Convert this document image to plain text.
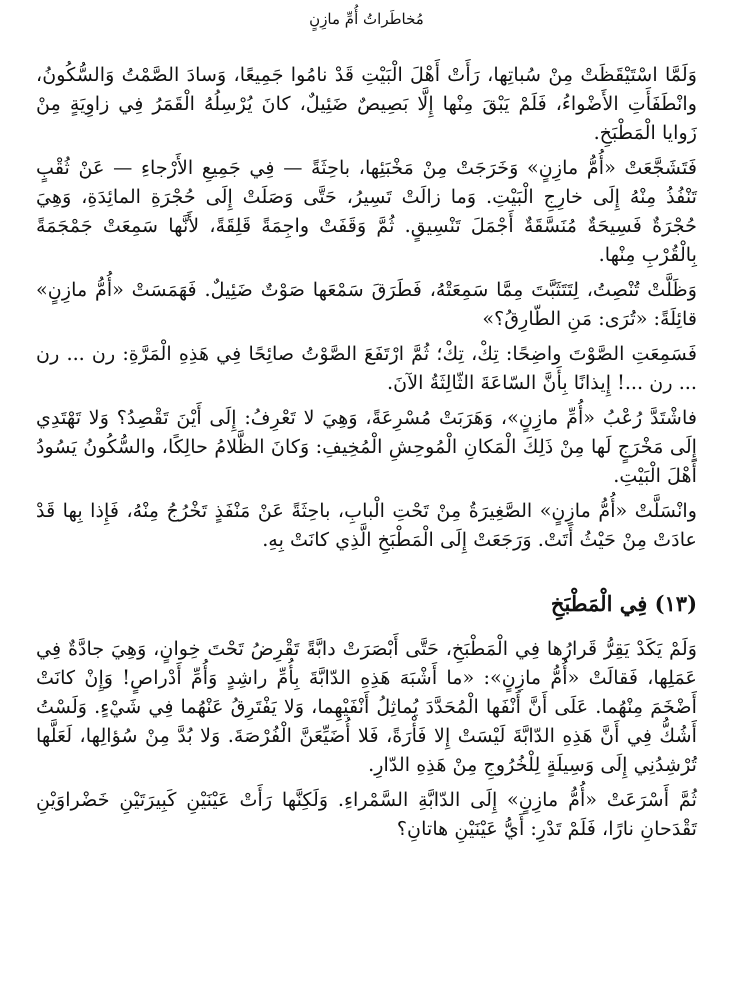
مُخاطَراتُ أُمِّ مازِنٍ

وَلَمَّا اسْتَيْقَظَتْ مِنْ سُباتِها، رَأَتْ أَهْلَ الْبَيْتِ قَدْ نامُوا جَمِيعًا، وَسادَ الصَّمْتُ وَالسُّكُونُ، وانْطَفَأَتِ الأَضْواءُ، فَلَمْ يَبْقَ مِنْها إِلَّا بَصِيصٌ ضَئِيلٌ، كانَ يُرْسِلُهُ الْقَمَرُ فِي زاوِيَةٍ مِنْ زَوايا الْمَطْبَخِ.

فَتَشَجَّعَتْ «أُمُّ مازِنٍ» وَخَرَجَتْ مِنْ مَخْبَئِها، باحِثَةً — فِي جَمِيعِ الأَرْجاءِ — عَنْ ثُقْبٍ تَنْفُذُ مِنْهُ إِلَى خارِجِ الْبَيْتِ. وَما زالَتْ تَسِيرُ، حَتَّى وَصَلَتْ إِلَى حُجْرَةِ المائِدَةِ، وَهِيَ حُجْرَةٌ فَسِيحَةٌ مُنَسَّقَةٌ أَجْمَلَ تَنْسِيقٍ. ثُمَّ وَقَفَتْ واجِمَةً قَلِقَةً، لأَنَّها سَمِعَتْ جَمْجَمَةً بِالْقُرْبِ مِنْها.

وَظَلَّتْ تُنْصِتُ، لِتَتَثَبَّتَ مِمَّا سَمِعَتْهُ، فَطَرَقَ سَمْعَها صَوْتٌ ضَئِيلٌ. فَهَمَسَتْ «أُمُّ مازِنٍ» قائِلَةً: «تُرَى: مَنِ الطّارِقُ؟»

فَسَمِعَتِ الصَّوْتَ واضِحًا: تِكْ، تِكْ؛ ثُمَّ ارْتَفَعَ الصَّوْتُ صائِحًا فِي هَذِهِ الْمَرَّةِ: رن ... رن ... رن ...! إِيذانًا بِأَنَّ السّاعَةَ الثّالِثَةُ الآنَ.

فاشْتَدَّ رُعْبُ «أُمِّ مازِنٍ»، وَهَرَبَتْ مُسْرِعَةً، وَهِيَ لا تَعْرِفُ: إِلَى أَيْنَ تَقْصِدُ؟ وَلا تَهْتَدِي إِلَى مَخْرَجٍ لَها مِنْ ذَلِكَ الْمَكانِ الْمُوحِشِ الْمُخِيفِ: وَكانَ الظَّلامُ حالِكًا، والسُّكُونُ يَسُودُ أَهْلَ الْبَيْتِ.

وانْسَلَّتْ «أُمُّ مازِنٍ» الصَّغِيرَةُ مِنْ تَحْتِ الْبابِ، باحِثَةً عَنْ مَنْفَذٍ تَخْرُجُ مِنْهُ، فَإِذا بِها قَدْ عادَتْ مِنْ حَيْثُ أَتَتْ. وَرَجَعَتْ إِلَى الْمَطْبَخِ الَّذِي كانَتْ بِهِ.

(١٣) فِي الْمَطْبَخِ

وَلَمْ يَكَدْ يَقِرُّ قَرارُها فِي الْمَطْبَخِ، حَتَّى أَبْصَرَتْ دابَّةً تَقْرِضُ تَحْتَ خِوانٍ، وَهِيَ جادَّةٌ فِي عَمَلِها، فَقالَتْ «أُمُّ مازِنٍ»: «ما أَشْبَهَ هَذِهِ الدّابَّةَ بِأُمِّ راشِدٍ وَأُمِّ أَدْراصٍ! وَإِنْ كانَتْ أَضْخَمَ مِنْهُما. عَلَى أَنَّ أَنْفَها الْمُحَدَّدَ يُماثِلُ أَنْفَيْهِما، وَلا يَفْتَرِقُ عَنْهُما فِي شَيْءٍ. وَلَسْتُ أَشُكُّ فِي أَنَّ هَذِهِ الدّابَّةَ لَيْسَتْ إِلا فَأْرَةً، فَلا أُضَيِّعَنَّ الْفُرْصَةَ. وَلا بُدَّ مِنْ سُؤالِها، لَعَلَّها تُرْشِدُنِي إِلَى وَسِيلَةٍ لِلْخُرُوجِ مِنْ هَذِهِ الدّارِ.

ثُمَّ أَسْرَعَتْ «أُمُّ مازِنٍ» إِلَى الدّابَّةِ السَّمْراءِ. وَلَكِنَّها رَأَتْ عَيْنَيْنِ كَبِيرَتَيْنِ خَضْراوَيْنِ تَقْدَحانِ نارًا، فَلَمْ تَدْرِ: أَيُّ عَيْنَيْنِ هاتانِ؟
